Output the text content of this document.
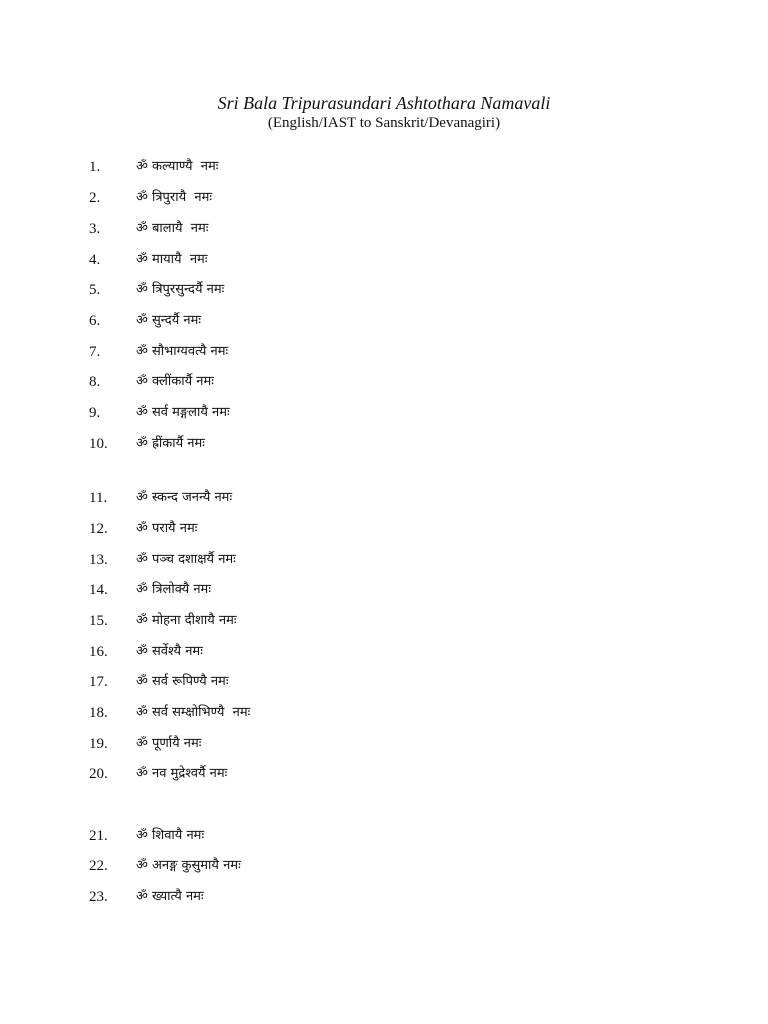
Sri Bala Tripurasundari Ashtothara Namavali
(English/IAST to Sanskrit/Devanagiri)
1.	ॐ कल्याण्यै  नमः
2.	ॐ त्रिपुरायै  नमः
3.	ॐ बालायै  नमः
4.	ॐ मायायै  नमः
5.	ॐ त्रिपुरसुन्दर्यै नमः
6.	ॐ सुन्दर्यै नमः
7.	ॐ सौभाग्यवत्यै नमः
8.	ॐ क्लींकार्यै नमः
9.	ॐ सर्व मङ्गलायै नमः
10. ॐ ह्रींकार्यै नमः
11. ॐ स्कन्द जनन्यै नमः
12. ॐ परायै नमः
13. ॐ पञ्च दशाक्षर्यै नमः
14. ॐ त्रिलोक्यै नमः
15. ॐ मोहना दीशायै नमः
16. ॐ सर्वेश्यै नमः
17. ॐ सर्व रूपिण्यै नमः
18. ॐ सर्व सम्क्षोभिण्यै  नमः
19. ॐ पूर्णायै नमः
20. ॐ नव मुद्रेश्वर्यै नमः
21. ॐ शिवायै नमः
22. ॐ अनङ्ग कुसुमायै नमः
23. ॐ ख्यात्यै नमः
